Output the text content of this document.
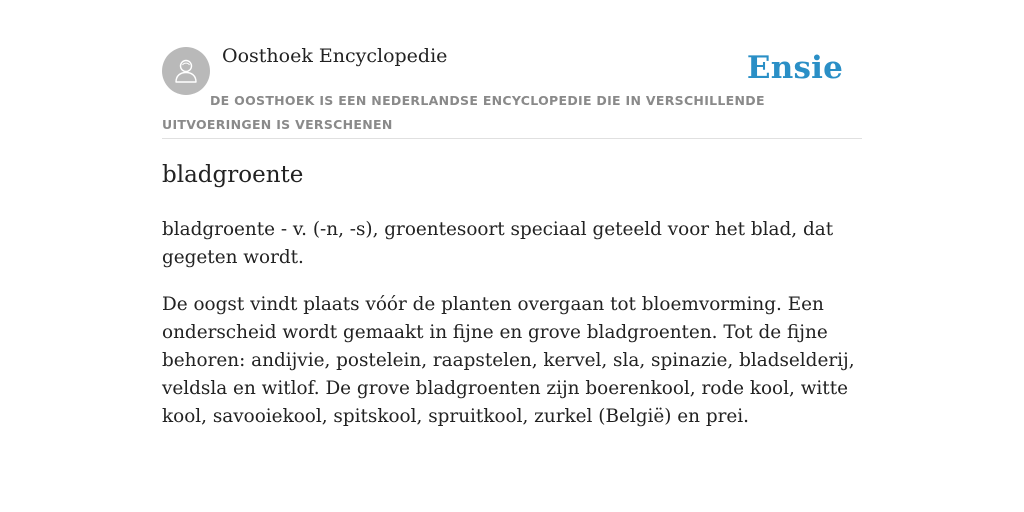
Oosthoek Encyclopedie	Ensie
DE OOSTHOEK IS EEN NEDERLANDSE ENCYCLOPEDIE DIE IN VERSCHILLENDE UITVOERINGEN IS VERSCHENEN
bladgroente

bladgroente - v. (-n, -s), groentesoort speciaal geteeld voor het blad, dat gegeten wordt.

De oogst vindt plaats vóór de planten overgaan tot bloemvorming. Een onderscheid wordt gemaakt in fijne en grove bladgroenten. Tot de fijne behoren: andijvie, postelein, raapstelen, kervel, sla, spinazie, bladselderij, veldsla en witlof. De grove bladgroenten zijn boerenkool, rode kool, witte kool, savooiekool, spitskool, spruitkool, zurkel (België) en prei.
